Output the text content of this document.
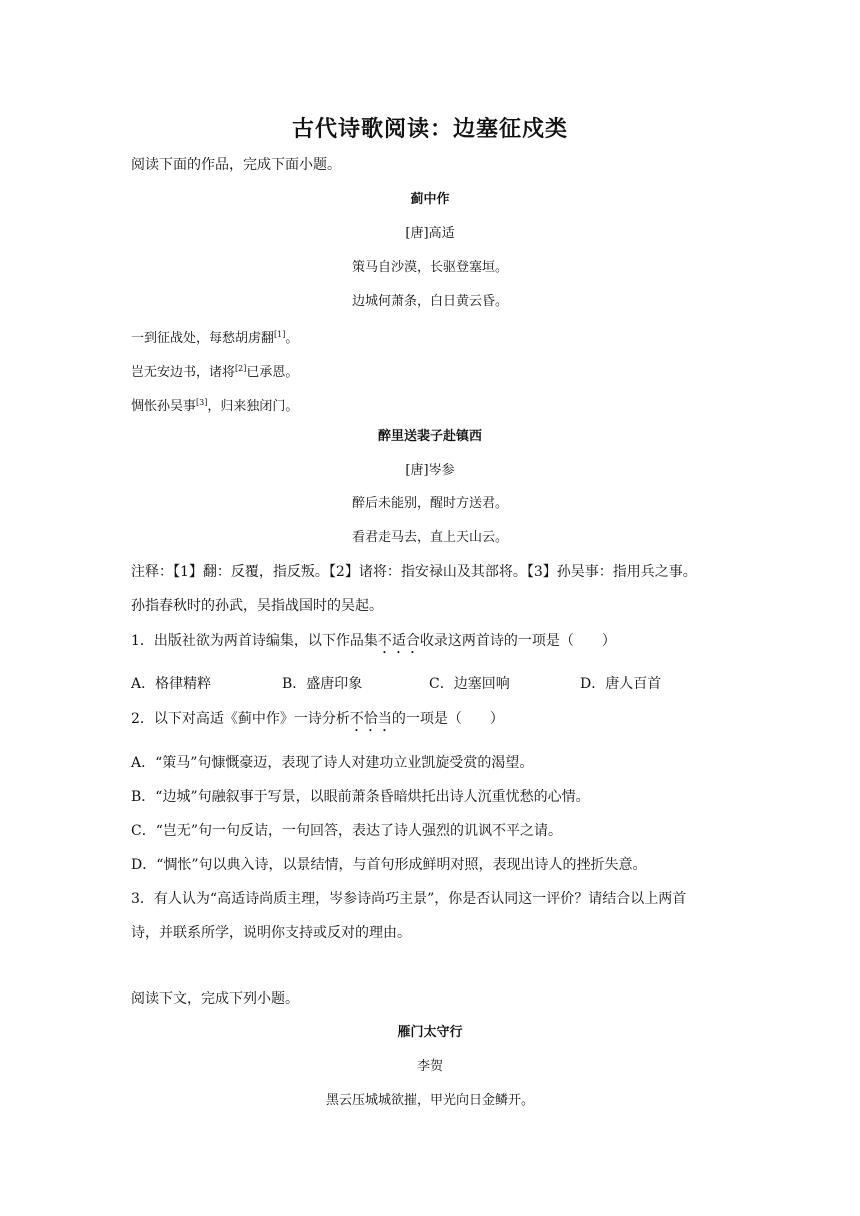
古代诗歌阅读：边塞征戍类
阅读下面的作品，完成下面小题。
蓟中作
[唐]高适
策马自沙漠，长驱登塞垣。
边城何萧条，白日黄云昏。
一到征战处，每愁胡虏翻[1]。
岂无安边书，诸将[2]已承恩。
惆怅孙吴事[3]，归来独闭门。
醉里送裴子赴镇西
[唐]岑参
醉后未能别，醒时方送君。
看君走马去，直上天山云。
注释：【1】翻：反覆，指反叛。【2】诸将：指安禄山及其部将。【3】孙吴事：指用兵之事。
孙指春秋时的孙武，吴指战国时的吴起。
1．出版社欲为两首诗编集，以下作品集不适合收录这两首诗的一项是（　　）
A．格律精粹	B．盛唐印象	C．边塞回响	D．唐人百首
2．以下对高适《蓟中作》一诗分析不恰当的一项是（　　）
A．“策马”句慷慨豪迈，表现了诗人对建功立业凯旋受赏的渴望。
B．“边城”句融叙事于写景，以眼前萧条昏暗烘托出诗人沉重忧愁的心情。
C．“岂无”句一句反诘，一句回答，表达了诗人强烈的讥讽不平之请。
D．“惆怅”句以典入诗，以景结情，与首句形成鲜明对照，表现出诗人的挫折失意。
3．有人认为“高适诗尚质主理，岑参诗尚巧主景”，你是否认同这一评价？请结合以上两首
诗，并联系所学，说明你支持或反对的理由。
阅读下文，完成下列小题。
雁门太守行
李贺
黑云压城城欲摧，甲光向日金鳞开。
